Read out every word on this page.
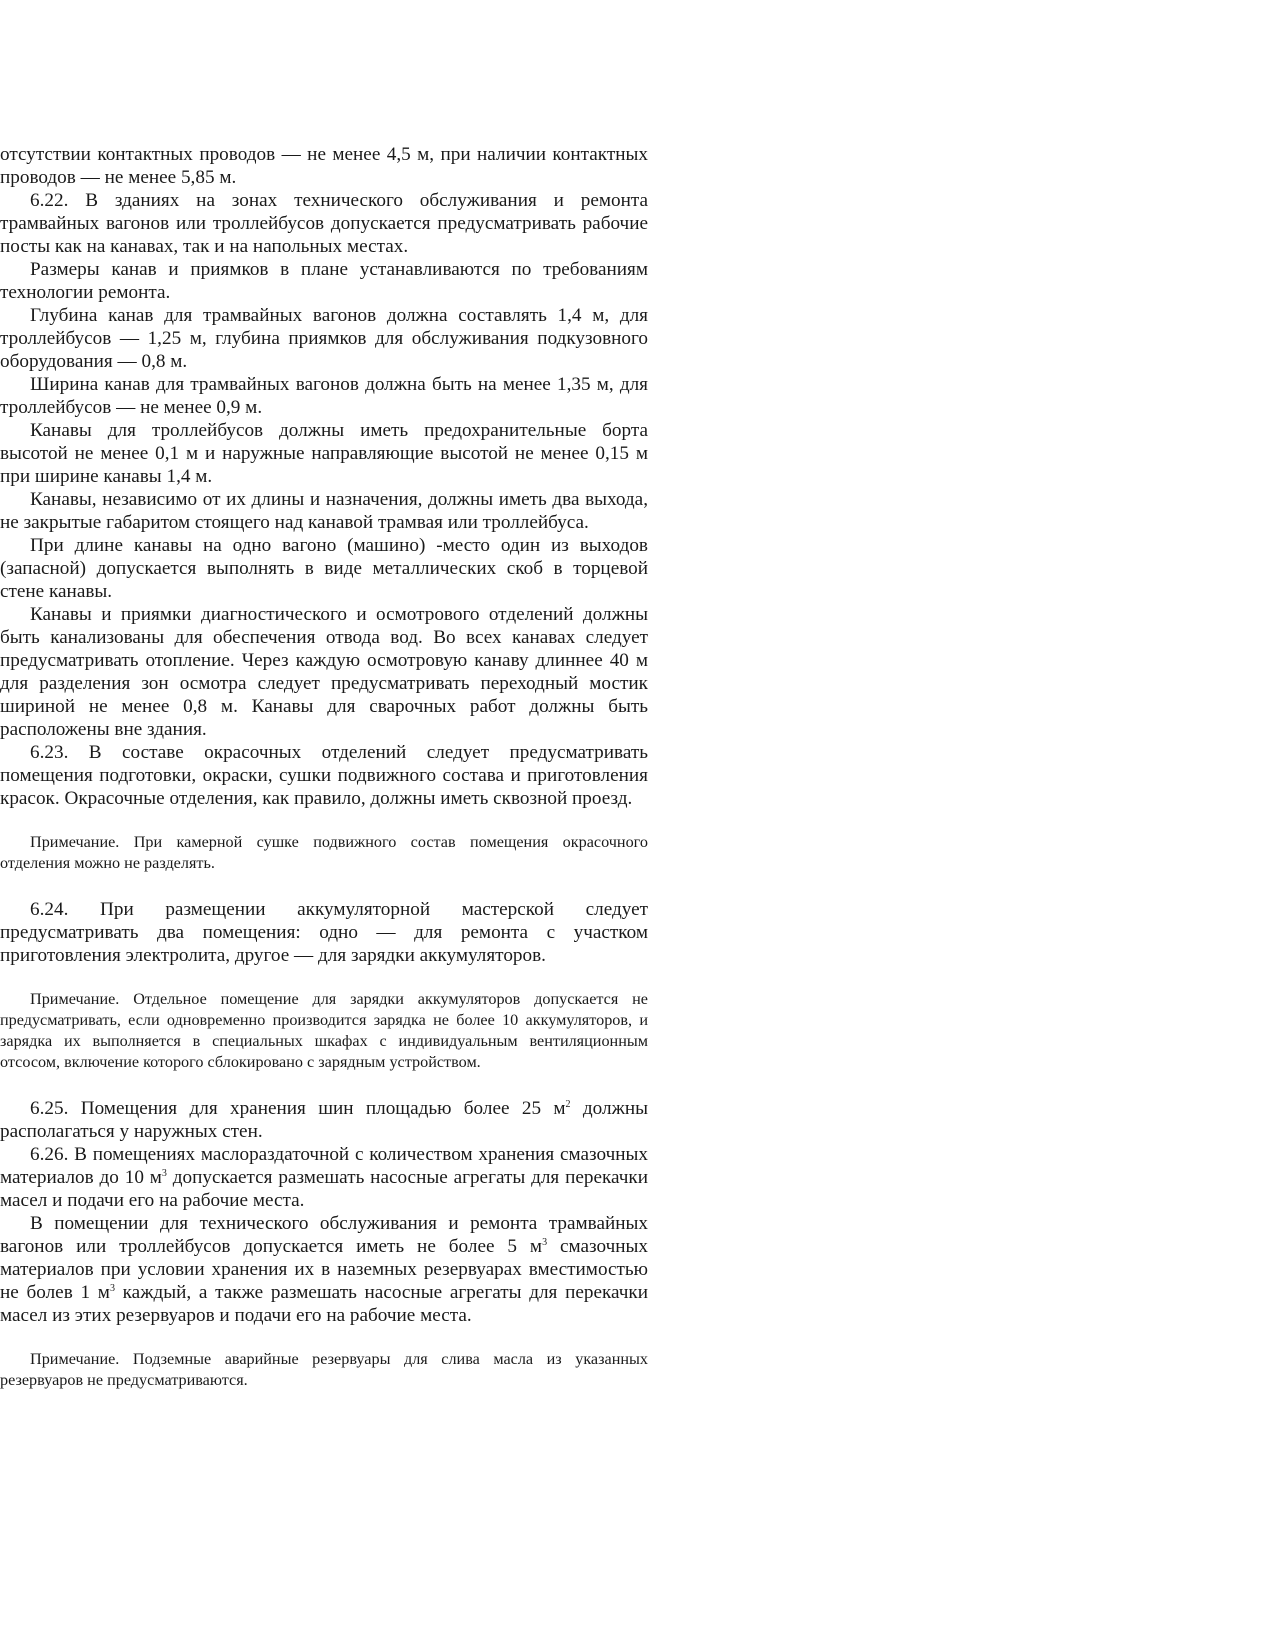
отсутствии контактных проводов — не менее 4,5 м, при наличии контактных проводов — не менее 5,85 м.

6.22. В зданиях на зонах технического обслуживания и ремонта трамвайных вагонов или троллейбусов допускается предусматривать рабочие посты как на канавах, так и на напольных местах.

Размеры канав и приямков в плане устанавливаются по требованиям технологии ремонта.

Глубина канав для трамвайных вагонов должна составлять 1,4 м, для троллейбусов — 1,25 м, глубина приямков для обслуживания подкузовного оборудования — 0,8 м.

Ширина канав для трамвайных вагонов должна быть на менее 1,35 м, для троллейбусов — не менее 0,9 м.

Канавы для троллейбусов должны иметь предохранительные борта высотой не менее 0,1 м и наружные направляющие высотой не менее 0,15 м при ширине канавы 1,4 м.

Канавы, независимо от их длины и назначения, должны иметь два выхода, не закрытые габаритом стоящего над канавой трамвая или троллейбуса.

При длине канавы на одно вагоно (машино) -место один из выходов (запасной) допускается выполнять в виде металлических скоб в торцевой стене канавы.

Канавы и приямки диагностического и осмотрового отделений должны быть канализованы для обеспечения отвода вод. Во всех канавах следует предусматривать отопление. Через каждую осмотровую канаву длиннее 40 м для разделения зон осмотра следует предусматривать переходный мостик шириной не менее 0,8 м. Канавы для сварочных работ должны быть расположены вне здания.

6.23. В составе окрасочных отделений следует предусматривать помещения подготовки, окраски, сушки подвижного состава и приготовления красок. Окрасочные отделения, как правило, должны иметь сквозной проезд.

Примечание. При камерной сушке подвижного состав помещения окрасочного отделения можно не разделять.

6.24. При размещении аккумуляторной мастерской следует предусматривать два помещения: одно — для ремонта с участком приготовления электролита, другое — для зарядки аккумуляторов.

Примечание. Отдельное помещение для зарядки аккумуляторов допускается не предусматривать, если одновременно производится зарядка не более 10 аккумуляторов, и зарядка их выполняется в специальных шкафах с индивидуальным вентиляционным отсосом, включение которого сблокировано с зарядным устройством.

6.25. Помещения для хранения шин площадью более 25 $м^2$ должны располагаться у наружных стен.

6.26. В помещениях маслораздаточной с количеством хранения смазочных материалов до 10 $м^3$ допускается размешать насосные агрегаты для перекачки масел и подачи его на рабочие места.

В помещении для технического обслуживания и ремонта трамвайных вагонов или троллейбусов допускается иметь не более 5 $м^3$ смазочных материалов при условии хранения их в наземных резервуарах вместимостью не болев 1 $м^3$ каждый, а также размешать насосные агрегаты для перекачки масел из этих резервуаров и подачи его на рабочие места.

Примечание. Подземные аварийные резервуары для слива масла из указанных резервуаров не предусматриваются.
